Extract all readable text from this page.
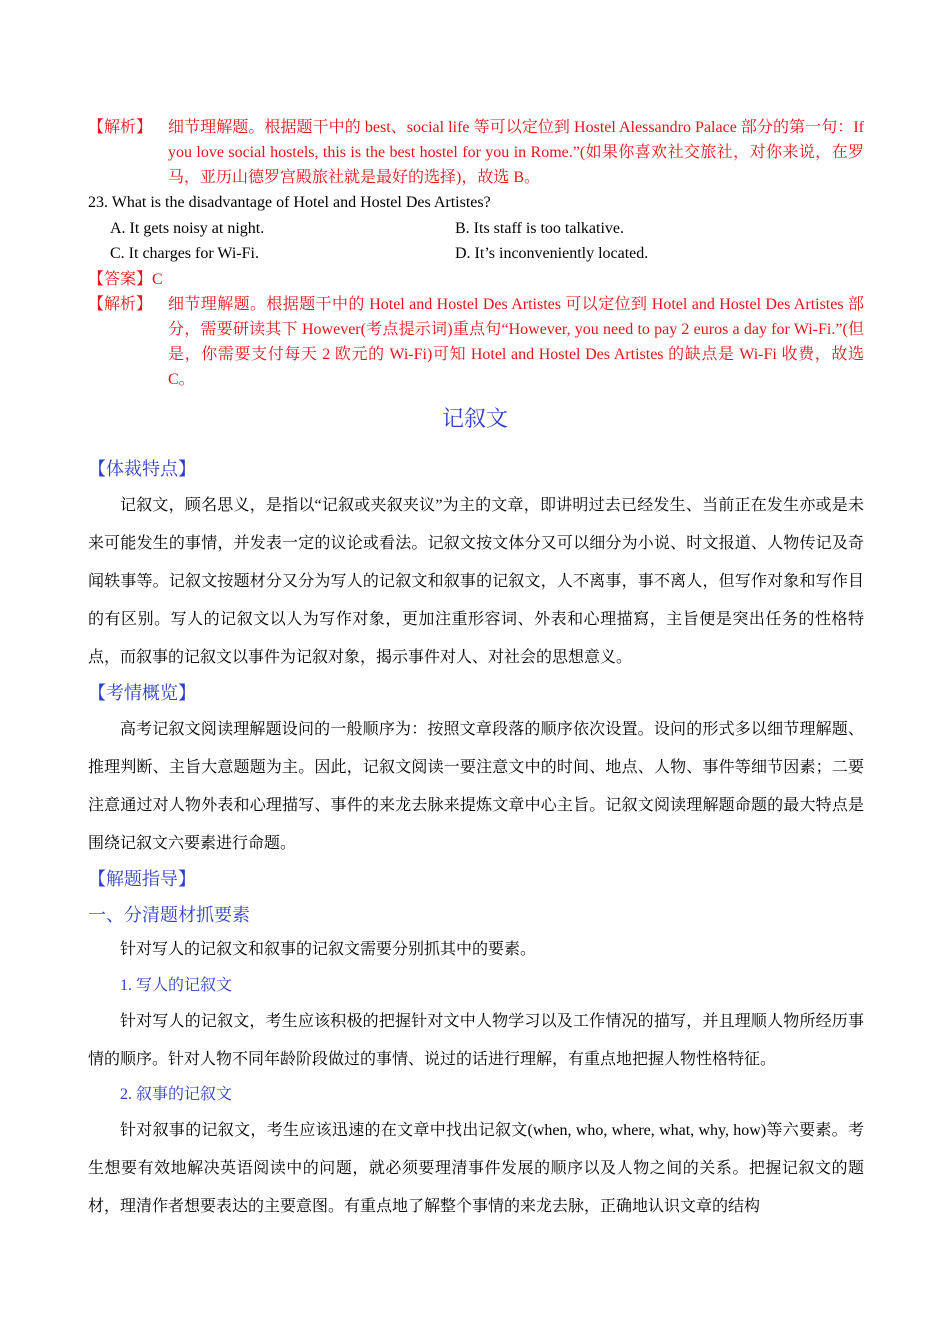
【解析】 细节理解题。根据题干中的 best、social life 等可以定位到 Hostel Alessandro Palace 部分的第一句：If you love social hostels, this is the best hostel for you in Rome.”(如果你喜欢社交旅社，对你来说，在罗马，亚历山德罗宫殿旅社就是最好的选择)，故选 B。
23. What is the disadvantage of Hotel and Hostel Des Artistes?
A. It gets noisy at night.	B. Its staff is too talkative.
C. It charges for Wi-Fi.	D. It’s inconveniently located.
【答案】C
【解析】 细节理解题。根据题干中的 Hotel and Hostel Des Artistes 可以定位到 Hotel and Hostel Des Artistes 部分，需要研读其下 However(考点提示词)重点句“However, you need to pay 2 euros a day for Wi-Fi.”(但是，你需要支付每天 2 欧元的 Wi-Fi)可知 Hotel and Hostel Des Artistes 的缺点是 Wi-Fi 收费，故选 C。
记叙文
【体裁特点】
记叙文，顾名思义，是指以“记叙或夹叙夹议”为主的文章，即讲明过去已经发生、当前正在发生亦或是未来可能发生的事情，并发表一定的议论或看法。记叙文按文体分又可以细分为小说、时文报道、人物传记及奇闻轶事等。记叙文按题材分又分为写人的记叙文和叙事的记叙文，人不离事，事不离人，但写作对象和写作目的有区别。写人的记叙文以人为写作对象，更加注重形容词、外表和心理描寫，主旨便是突出任务的性格特点，而叙事的记叙文以事件为记叙对象，揭示事件对人、对社会的思想意义。
【考情概览】
高考记叙文阅读理解题设问的一般顺序为：按照文章段落的顺序依次设置。设问的形式多以细节理解题、推理判断、主旨大意题题为主。因此，记叙文阅读一要注意文中的时间、地点、人物、事件等细节因素；二要注意通过对人物外表和心理描写、事件的来龙去脉来提炼文章中心主旨。记叙文阅读理解题命题的最大特点是围绕记叙文六要素进行命题。
【解题指导】
一、分清题材抓要素
针对写人的记叙文和叙事的记叙文需要分别抓其中的要素。
1. 写人的记叙文
针对写人的记叙文，考生应该积极的把握针对文中人物学习以及工作情况的描写，并且理顺人物所经历事情的顺序。针对人物不同年龄阶段做过的事情、说过的话进行理解，有重点地把握人物性格特征。
2. 叙事的记叙文
针对叙事的记叙文，考生应该迅速的在文章中找出记叙文(when, who, where, what, why, how)等六要素。考生想要有效地解决英语阅读中的问题，就必须要理清事件发展的顺序以及人物之间的关系。把握记叙文的题材，理清作者想要表达的主要意图。有重点地了解整个事情的来龙去脉，正确地认识文章的结构
